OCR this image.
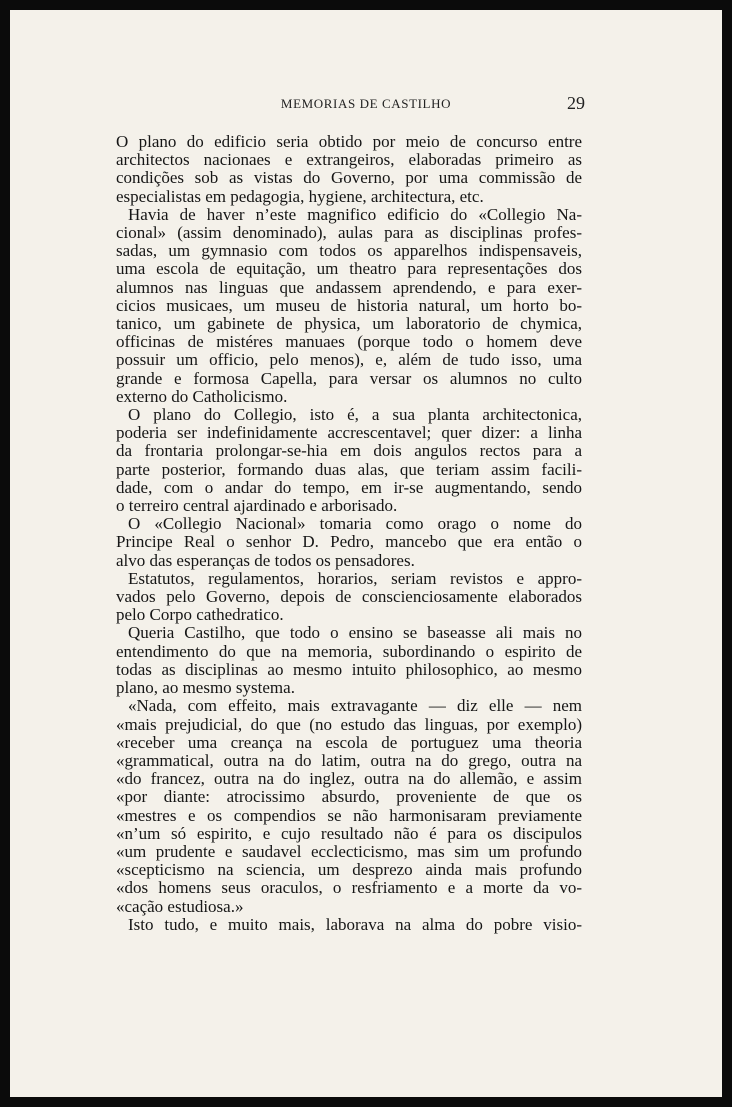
MEMORIAS DE CASTILHO	29
O plano do edificio seria obtido por meio de concurso entre
architectos nacionaes e extrangeiros, elaboradas primeiro as
condições sob as vistas do Governo, por uma commissão de
especialistas em pedagogia, hygiene, architectura, etc.
Havia de haver n’este magnifico edificio do «Collegio Na-
cional» (assim denominado), aulas para as disciplinas profes-
sadas, um gymnasio com todos os apparelhos indispensaveis,
uma escola de equitação, um theatro para representações dos
alumnos nas linguas que andassem aprendendo, e para exer-
cicios musicaes, um museu de historia natural, um horto bo-
tanico, um gabinete de physica, um laboratorio de chymica,
officinas de mistéres manuaes (porque todo o homem deve
possuir um officio, pelo menos), e, além de tudo isso, uma
grande e formosa Capella, para versar os alumnos no culto
externo do Catholicismo.
O plano do Collegio, isto é, a sua planta architectonica,
poderia ser indefinidamente accrescentavel; quer dizer: a linha
da frontaria prolongar-se-hia em dois angulos rectos para a
parte posterior, formando duas alas, que teriam assim facili-
dade, com o andar do tempo, em ir-se augmentando, sendo
o terreiro central ajardinado e arborisado.
O «Collegio Nacional» tomaria como orago o nome do
Principe Real o senhor D. Pedro, mancebo que era então o
alvo das esperanças de todos os pensadores.
Estatutos, regulamentos, horarios, seriam revistos e appro-
vados pelo Governo, depois de conscienciosamente elaborados
pelo Corpo cathedratico.
Queria Castilho, que todo o ensino se baseasse ali mais no
entendimento do que na memoria, subordinando o espirito de
todas as disciplinas ao mesmo intuito philosophico, ao mesmo
plano, ao mesmo systema.
«Nada, com effeito, mais extravagante — diz elle — nem
«mais prejudicial, do que (no estudo das linguas, por exemplo)
«receber uma creança na escola de portuguez uma theoria
«grammatical, outra na do latim, outra na do grego, outra na
«do francez, outra na do inglez, outra na do allemão, e assim
«por diante: atrocissimo absurdo, proveniente de que os
«mestres e os compendios se não harmonisaram previamente
«n’um só espirito, e cujo resultado não é para os discipulos
«um prudente e saudavel ecclecticismo, mas sim um profundo
«scepticismo na sciencia, um desprezo ainda mais profundo
«dos homens seus oraculos, o resfriamento e a morte da vo-
«cação estudiosa.»
Isto tudo, e muito mais, laborava na alma do pobre visio-
